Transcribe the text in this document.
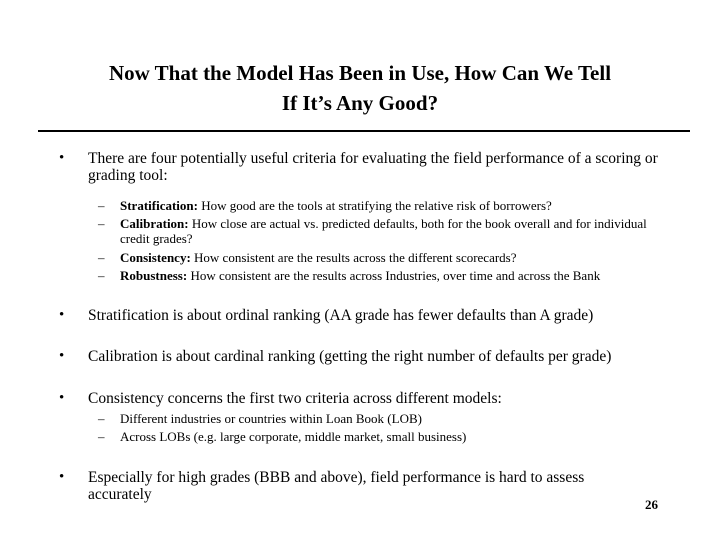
Now That the Model Has Been in Use, How Can We Tell
If It’s Any Good?
• There are four potentially useful criteria for evaluating the field performance of a scoring or grading tool:
– Stratification: How good are the tools at stratifying the relative risk of borrowers?
– Calibration: How close are actual vs. predicted defaults, both for the book overall and for individual credit grades?
– Consistency: How consistent are the results across the different scorecards?
– Robustness: How consistent are the results across Industries, over time and across the Bank
• Stratification is about ordinal ranking (AA grade has fewer defaults than A grade)
• Calibration is about cardinal ranking (getting the right number of defaults per grade)
• Consistency concerns the first two criteria across different models:
– Different industries or countries within Loan Book (LOB)
– Across LOBs (e.g. large corporate, middle market, small business)
• Especially for high grades (BBB and above), field performance is hard to assess accurately
26
